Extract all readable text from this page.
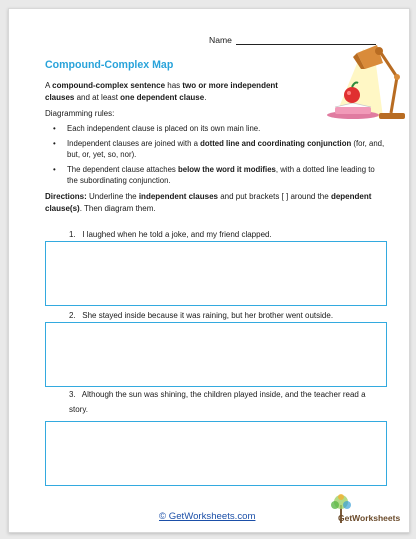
Name
Compound-Complex Map
A compound-complex sentence has two or more independent clauses and at least one dependent clause.
Diagramming rules:
• Each independent clause is placed on its own main line.
• Independent clauses are joined with a dotted line and coordinating conjunction (for, and, but, or, yet, so, nor).
• The dependent clause attaches below the word it modifies, with a dotted line leading to the subordinating conjunction.
Directions: Underline the independent clauses and put brackets [ ] around the dependent clause(s). Then diagram them.
1. I laughed when he told a joke, and my friend clapped.
2. She stayed inside because it was raining, but her brother went outside.
3. Although the sun was shining, the children played inside, and the teacher read a story.
© GetWorksheets.com	GetWorksheets
